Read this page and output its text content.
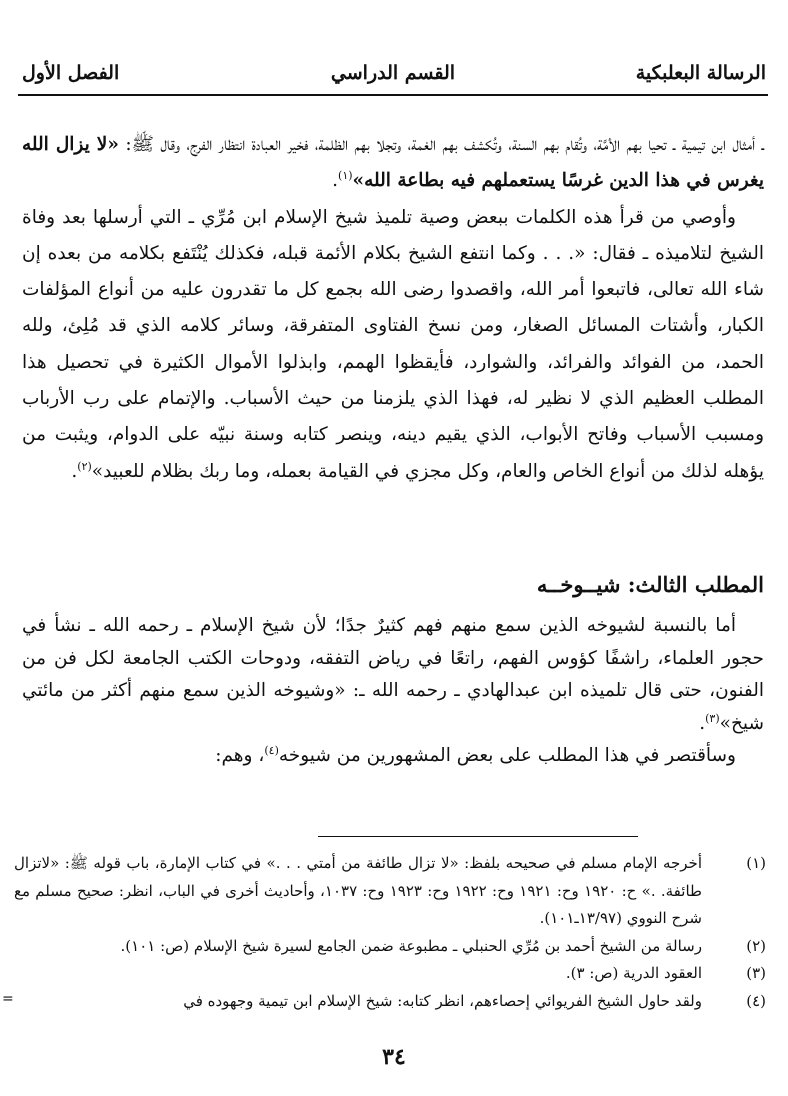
الرسالة البعلبكية
القسم الدراسي
الفصل الأول

ـ أمثال ابن تيمية ـ تحيا بهم الأمَّة، وتُقام بهم السنة، وتُكشف بهم الغمة، وتجلا بهم الظلمة، فخير العبادة انتظار الفرج، وقال ﷺ: «لا يزال الله يغرس في هذا الدين غرسًا يستعملهم فيه بطاعة الله»$^{(١)}$.

وأوصي من قرأ هذه الكلمات ببعض وصية تلميذ شيخ الإسلام ابن مُرِّي ـ التي أرسلها بعد وفاة الشيخ لتلاميذه ـ فقال: «. . . وكما انتفع الشيخ بكلام الأئمة قبله، فكذلك يُنْتَفع بكلامه من بعده إن شاء الله تعالى، فاتبعوا أمر الله، واقصدوا رضى الله بجمع كل ما تقدرون عليه من أنواع المؤلفات الكبار، وأشتات المسائل الصغار، ومن نسخ الفتاوى المتفرقة، وسائر كلامه الذي قد مُلِئ، ولله الحمد، من الفوائد والفرائد، والشوارد، فأيقظوا الهمم، وابذلوا الأموال الكثيرة في تحصيل هذا المطلب العظيم الذي لا نظير له، فهذا الذي يلزمنا من حيث الأسباب. والإتمام على رب الأرباب ومسبب الأسباب وفاتح الأبواب، الذي يقيم دينه، وينصر كتابه وسنة نبيّه على الدوام، ويثبت من يؤهله لذلك من أنواع الخاص والعام، وكل مجزي في القيامة بعمله، وما ربك بظلام للعبيد»$^{(٢)}$.

المطلب الثالث: شيــوخــه

أما بالنسبة لشيوخه الذين سمع منهم فهم كثيرٌ جدًا؛ لأن شيخ الإسلام ـ رحمه الله ـ نشأ في حجور العلماء، راشفًا كؤوس الفهم، راتعًا في رياض التفقه، ودوحات الكتب الجامعة لكل فن من الفنون، حتى قال تلميذه ابن عبدالهادي ـ رحمه الله ـ: «وشيوخه الذين سمع منهم أكثر من مائتي شيخ»$^{(٣)}$.

وسأقتصر في هذا المطلب على بعض المشهورين من شيوخه$^{(٤)}$، وهم:

(١)
أخرجه الإمام مسلم في صحيحه بلفظ: «لا تزال طائفة من أمتي . . .» في كتاب الإمارة، باب قوله ﷺ: «لاتزال طائفة. .» ح: ١٩٢٠ وح: ١٩٢١ وح: ١٩٢٢ وح: ١٩٢٣ وح: ١٠٣٧، وأحاديث أخرى في الباب، انظر: صحيح مسلم مع شرح النووي (١٣/٩٧ـ١٠١).
(٢)
رسالة من الشيخ أحمد بن مُرِّي الحنبلي ـ مطبوعة ضمن الجامع لسيرة شيخ الإسلام (ص: ١٠١).
(٣)
العقود الدرية (ص: ٣).
(٤)
ولقد حاول الشيخ الفريوائي إحصاءهم، انظر كتابه: شيخ الإسلام ابن تيمية وجهوده في
=
٣٤
